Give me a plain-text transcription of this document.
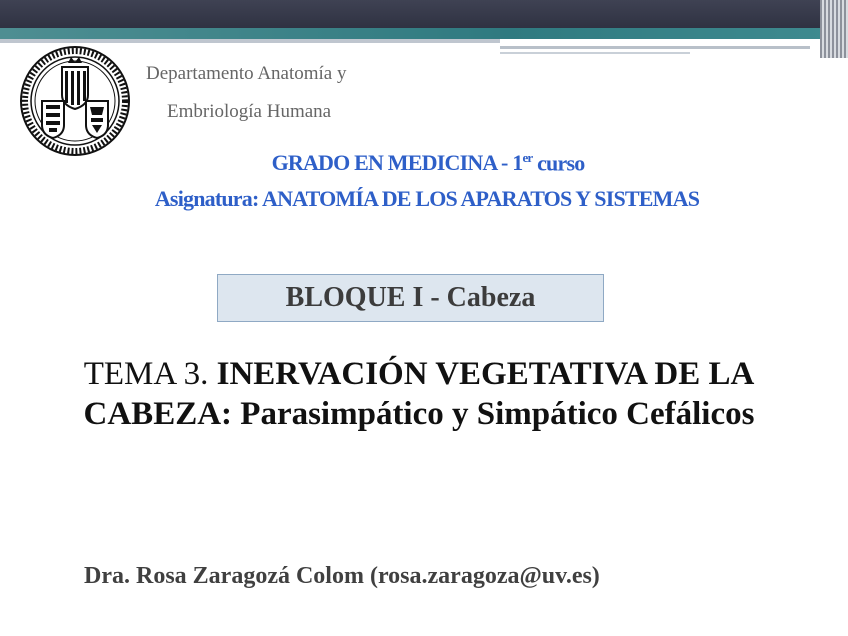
Departamento Anatomía y
Embriología Humana
GRADO EN MEDICINA - 1er curso
Asignatura: ANATOMÍA DE LOS APARATOS Y SISTEMAS
BLOQUE I - Cabeza
TEMA 3. INERVACIÓN VEGETATIVA DE LA
CABEZA: Parasimpático y Simpático Cefálicos
Dra. Rosa Zaragozá Colom (rosa.zaragoza@uv.es)
